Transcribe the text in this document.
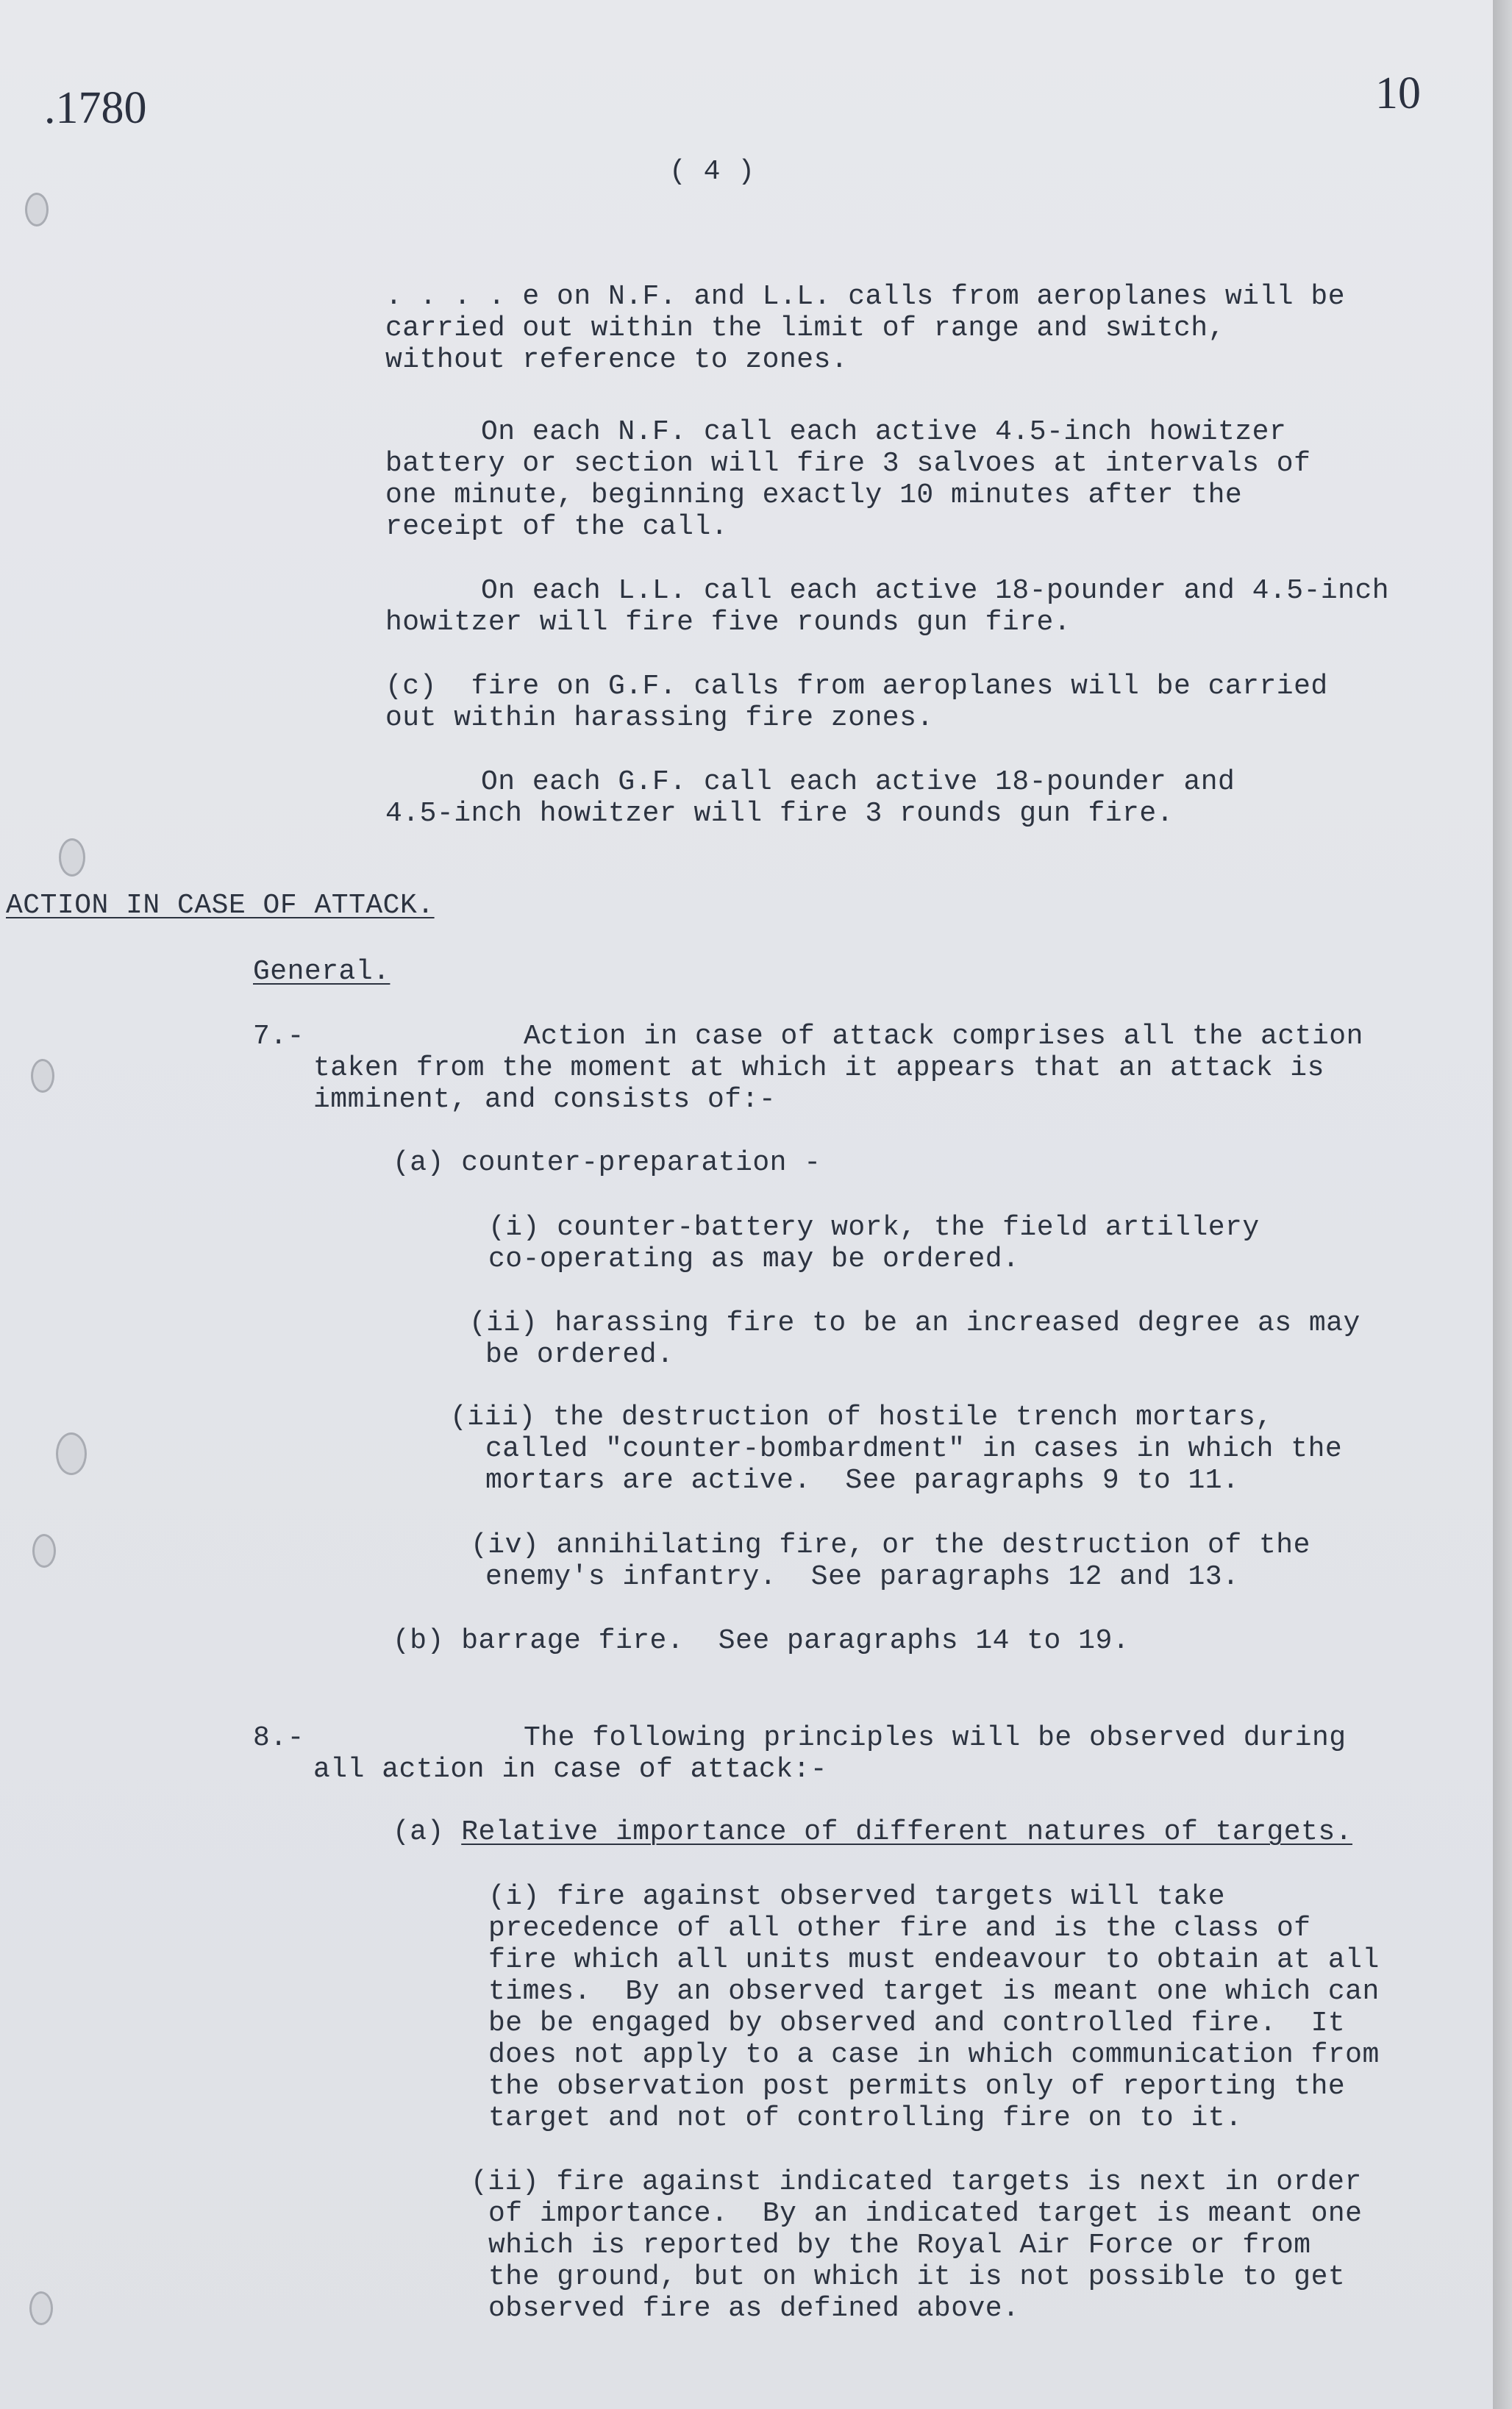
.1780	10

( 4 )

. . . . e on N.F. and L.L. calls from aeroplanes will be

carried out within the limit of range and switch,

without reference to zones.

On each N.F. call each active 4.5-inch howitzer

battery or section will fire 3 salvoes at intervals of

one minute, beginning exactly 10 minutes after the

receipt of the call.

On each L.L. call each active 18-pounder and 4.5-inch

howitzer will fire five rounds gun fire.

(c)  fire on G.F. calls from aeroplanes will be carried

out within harassing fire zones.

On each G.F. call each active 18-pounder and

4.5-inch howitzer will fire 3 rounds gun fire.

ACTION IN CASE OF ATTACK.

General.

7.-	Action in case of attack comprises all the action

taken from the moment at which it appears that an attack is

imminent, and consists of:-

(a) counter-preparation -

(i) counter-battery work, the field artillery

co-operating as may be ordered.

(ii) harassing fire to be an increased degree as may

be ordered.

(iii) the destruction of hostile trench mortars,

called "counter-bombardment" in cases in which the

mortars are active.  See paragraphs 9 to 11.

(iv) annihilating fire, or the destruction of the

enemy's infantry.  See paragraphs 12 and 13.

(b) barrage fire.  See paragraphs 14 to 19.

8.-	The following principles will be observed during

all action in case of attack:-

(a) Relative importance of different natures of targets.

(i) fire against observed targets will take

precedence of all other fire and is the class of

fire which all units must endeavour to obtain at all

times.  By an observed target is meant one which can

be be engaged by observed and controlled fire.  It

does not apply to a case in which communication from

the observation post permits only of reporting the

target and not of controlling fire on to it.

(ii) fire against indicated targets is next in order

of importance.  By an indicated target is meant one

which is reported by the Royal Air Force or from

the ground, but on which it is not possible to get

observed fire as defined above.
